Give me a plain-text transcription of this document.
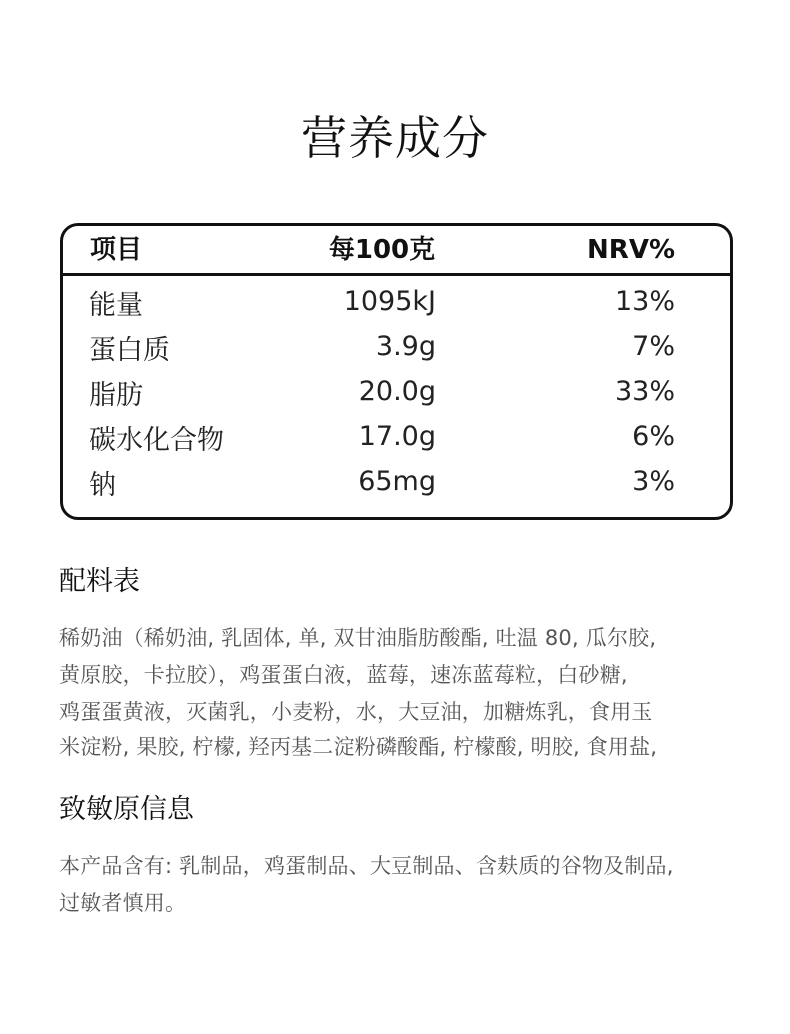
营养成分
项目	每100克	NRV%
能量	1095kJ	13%
蛋白质	3.9g	7%
脂肪	20.0g	33%
碳水化合物	17.0g	6%
钠	65mg	3%
配料表
稀奶油（稀奶油, 乳固体, 单, 双甘油脂肪酸酯, 吐温 80, 瓜尔胶,
黄原胶，卡拉胶），鸡蛋蛋白液，蓝莓，速冻蓝莓粒，白砂糖,
鸡蛋蛋黄液，灭菌乳，小麦粉，水，大豆油，加糖炼乳，食用玉
米淀粉, 果胶, 柠檬, 羟丙基二淀粉磷酸酯, 柠檬酸, 明胶, 食用盐,
致敏原信息
本产品含有: 乳制品，鸡蛋制品、大豆制品、含麸质的谷物及制品,
过敏者慎用。
